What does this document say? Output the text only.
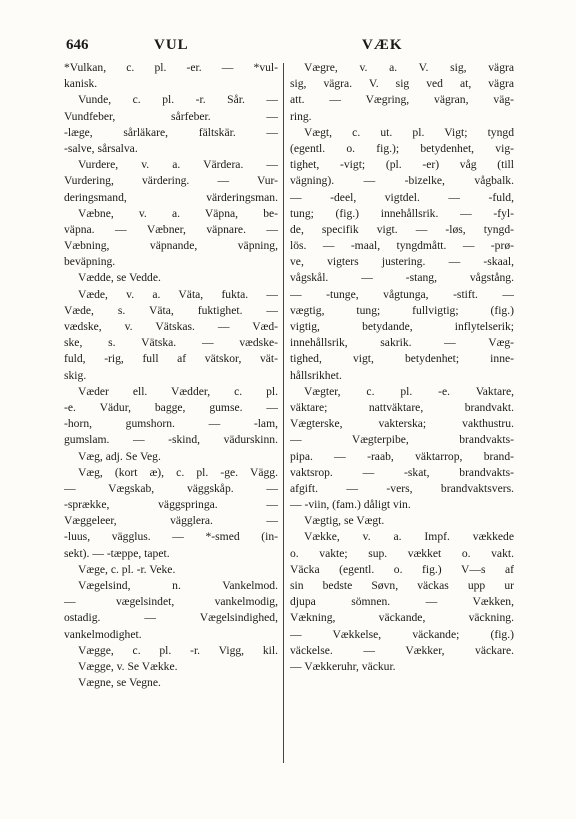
646	VUL	VÆK
*Vulkan, c. pl. -er. — *vul-
kanisk.
Vunde, c. pl. -r. Sår. —
Vundfeber, sårfeber. —
-læge, sårläkare, fältskär. —
-salve, sårsalva.
Vurdere, v. a. Värdera. —
Vurdering, värdering. — Vur-
deringsmand, värderingsman.
Væbne, v. a. Väpna, be-
väpna. — Væbner, väpnare. —
Væbning, väpnande, väpning,
beväpning.
Vædde, se Vedde.
Væde, v. a. Väta, fukta. —
Væde, s. Väta, fuktighet. —
vædske, v. Vätskas. — Væd-
ske, s. Vätska. — vædske-
fuld, -rig, full af vätskor, vät-
skig.
Væder ell. Vædder, c. pl.
-e. Vädur, bagge, gumse. —
-horn, gumshorn. — -lam,
gumslam. — -skind, vädurskinn.
Væg, adj. Se Veg.
Væg, (kort æ), c. pl. -ge. Vägg.
— Vægskab, väggskåp. —
-sprække, väggspringa. —
Væggeleer, vägglera. —
-luus, vägglus. — *-smed (in-
sekt). — -tæppe, tapet.
Væge, c. pl. -r. Veke.
Vægelsind, n. Vankelmod.
— vægelsindet, vankelmodig,
ostadig. — Vægelsindighed,
vankelmodighet.
Vægge, c. pl. -r. Vigg, kil.
Vægge, v. Se Vække.
Vægne, se Vegne.
Vægre, v. a. V. sig, vägra
sig, vägra. V. sig ved at, vägra
att. — Vægring, vägran, väg-
ring.
Vægt, c. ut. pl. Vigt; tyngd
(egentl. o. fig.); betydenhet, vig-
tighet, -vigt; (pl. -er) våg (till
vägning). — -bizelke, vågbalk.
— -deel, vigtdel. — -fuld,
tung; (fig.) innehållsrik. — -fyl-
de, specifik vigt. — -løs, tyngd-
lös. — -maal, tyngdmått. — -prø-
ve, vigters justering. — -skaal,
vågskål. — -stang, vågstång.
— -tunge, vågtunga, -stift. —
vægtig, tung; fullvigtig; (fig.)
vigtig, betydande, inflytelserik;
innehållsrik, sakrik. — Væg-
tighed, vigt, betydenhet; inne-
hållsrikhet.
Vægter, c. pl. -e. Vaktare,
väktare; nattväktare, brandvakt.
Vægterske, vakterska; vakthustru.
— Vægterpibe, brandvakts-
pipa. — -raab, väktarrop, brand-
vaktsrop. — -skat, brandvakts-
afgift. — -vers, brandvaktsvers.
— -viin, (fam.) dåligt vin.
Vægtig, se Vægt.
Vække, v. a. Impf. vækkede
o. vakte; sup. vækket o. vakt.
Väcka (egentl. o. fig.) V—s af
sin bedste Søvn, väckas upp ur
djupa sömnen. — Vækken,
Vækning, väckande, väckning.
— Vækkelse, väckande; (fig.)
väckelse. — Vækker, väckare.
— Vækkeruhr, väckur.
